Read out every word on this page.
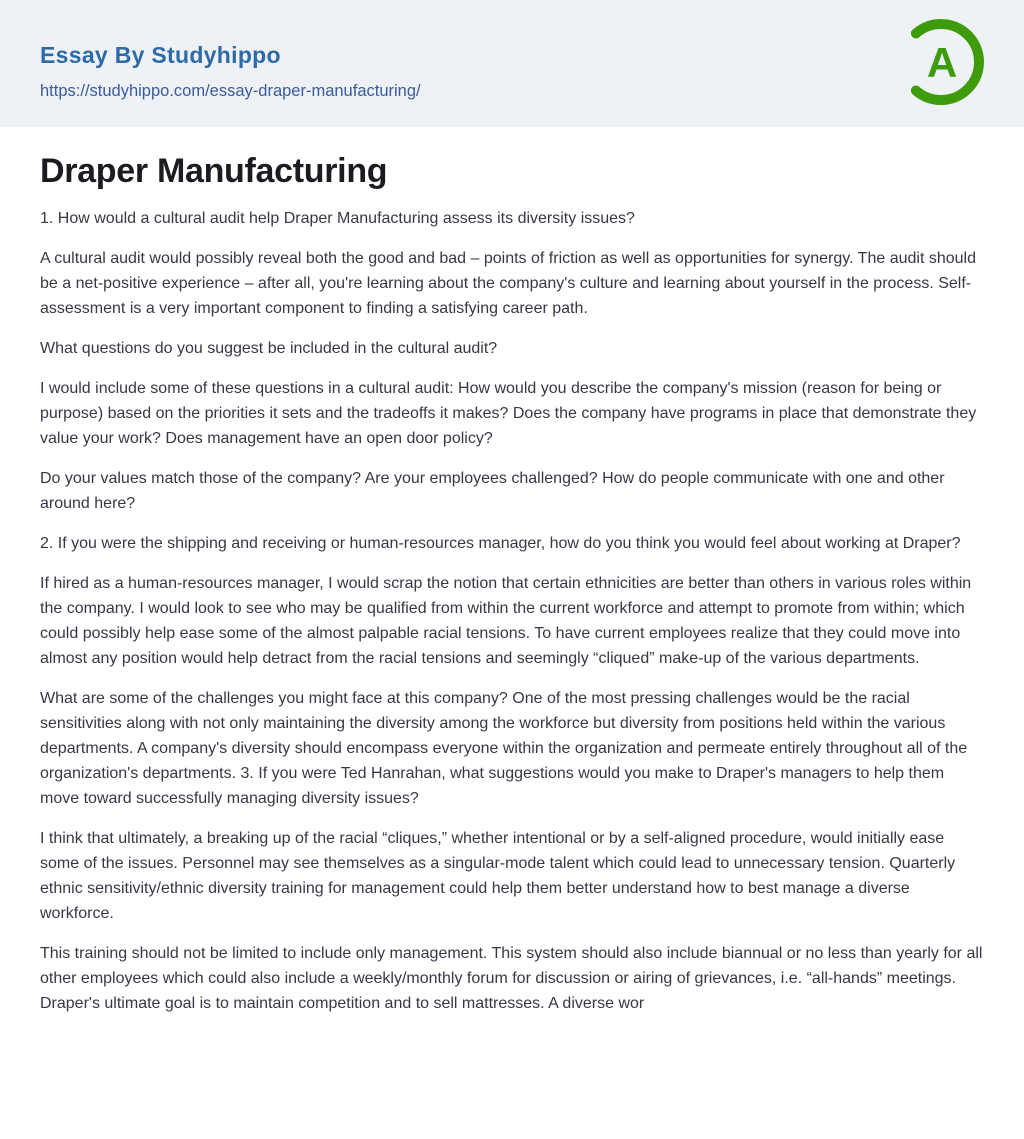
Essay By Studyhippo
https://studyhippo.com/essay-draper-manufacturing/
A
Draper Manufacturing

1. How would a cultural audit help Draper Manufacturing assess its diversity issues?

A cultural audit would possibly reveal both the good and bad – points of friction as well as opportunities for synergy. The audit should be a net-positive experience – after all, you're learning about the company's culture and learning about yourself in the process. Self-assessment is a very important component to finding a satisfying career path.

What questions do you suggest be included in the cultural audit?

I would include some of these questions in a cultural audit: How would you describe the company's mission (reason for being or purpose) based on the priorities it sets and the tradeoffs it makes? Does the company have programs in place that demonstrate they value your work? Does management have an open door policy?

Do your values match those of the company? Are your employees challenged? How do people communicate with one and other around here?

2. If you were the shipping and receiving or human-resources manager, how do you think you would feel about working at Draper?

If hired as a human-resources manager, I would scrap the notion that certain ethnicities are better than others in various roles within the company. I would look to see who may be qualified from within the current workforce and attempt to promote from within; which could possibly help ease some of the almost palpable racial tensions. To have current employees realize that they could move into almost any position would help detract from the racial tensions and seemingly “cliqued” make-up of the various departments.

What are some of the challenges you might face at this company? One of the most pressing challenges would be the racial sensitivities along with not only maintaining the diversity among the workforce but diversity from positions held within the various departments. A company's diversity should encompass everyone within the organization and permeate entirely throughout all of the organization's departments. 3. If you were Ted Hanrahan, what suggestions would you make to Draper's managers to help them move toward successfully managing diversity issues?

I think that ultimately, a breaking up of the racial “cliques,” whether intentional or by a self-aligned procedure, would initially ease some of the issues. Personnel may see themselves as a singular-mode talent which could lead to unnecessary tension. Quarterly ethnic sensitivity/ethnic diversity training for management could help them better understand how to best manage a diverse workforce.

This training should not be limited to include only management. This system should also include biannual or no less than yearly for all other employees which could also include a weekly/monthly forum for discussion or airing of grievances, i.e. “all-hands” meetings. Draper's ultimate goal is to maintain competition and to sell mattresses. A diverse wor
